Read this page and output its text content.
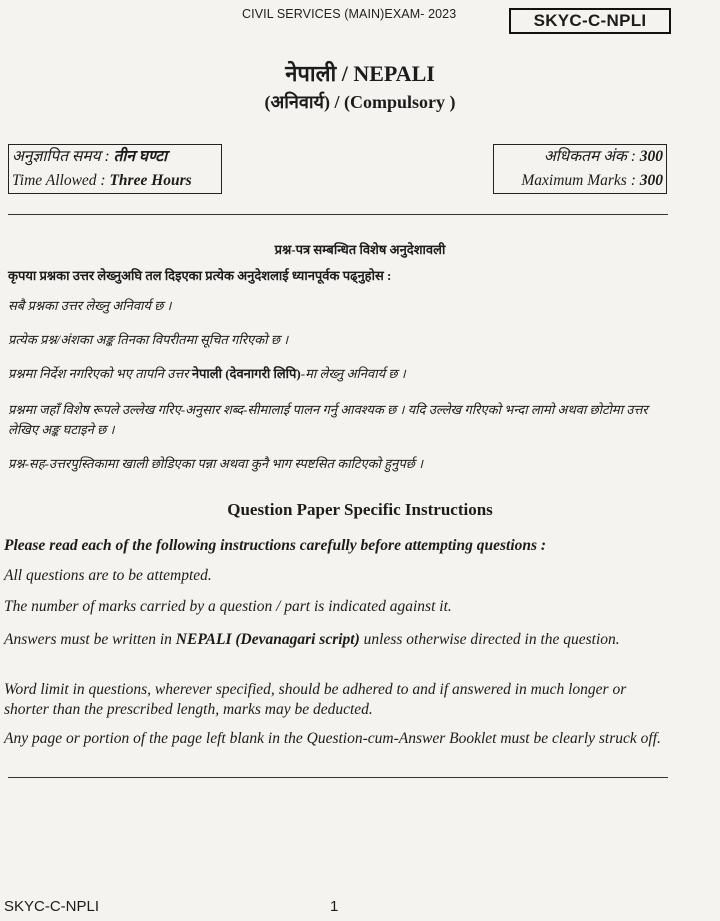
CIVIL SERVICES (MAIN)EXAM- 2023	SKYC-C-NPLI
नेपाली / NEPALI
(अनिवार्य) / (Compulsory )
अनुज्ञापित समय : तीन घण्टा
Time Allowed : Three Hours
अधिकतम अंक : 300
Maximum Marks : 300
प्रश्न-पत्र सम्बन्धित विशेष अनुदेशावली
कृपया प्रश्नका उत्तर लेख्नुअघि तल दिइएका प्रत्येक अनुदेशलाई ध्यानपूर्वक पढ्नुहोस :
सबै प्रश्नका उत्तर लेख्नु अनिवार्य छ ।
प्रत्येक प्रश्न/अंशका अङ्क तिनका विपरीतमा सूचित गरिएको छ ।
प्रश्नमा निर्देश नगरिएको भए तापनि उत्तर नेपाली (देवनागरी लिपि)-मा लेख्नु अनिवार्य छ ।
प्रश्नमा जहाँ विशेष रूपले उल्लेख गरिए-अनुसार शब्द-सीमालाई पालन गर्नु आवश्यक छ । यदि उल्लेख गरिएको भन्दा लामो अथवा छोटोमा उत्तर लेखिए अङ्क घटाइने छ ।
प्रश्न-सह-उत्तरपुस्तिकामा खाली छोडिएका पन्ना अथवा कुनै भाग स्पष्टसित काटिएको हुनुपर्छ ।
Question Paper Specific Instructions
Please read each of the following instructions carefully before attempting questions :
All questions are to be attempted.
The number of marks carried by a question / part is indicated against it.
Answers must be written in NEPALI (Devanagari script) unless otherwise directed in the question.
Word limit in questions, wherever specified, should be adhered to and if answered in much longer or shorter than the prescribed length, marks may be deducted.
Any page or portion of the page left blank in the Question-cum-Answer Booklet must be clearly struck off.
SKYC-C-NPLI	1
